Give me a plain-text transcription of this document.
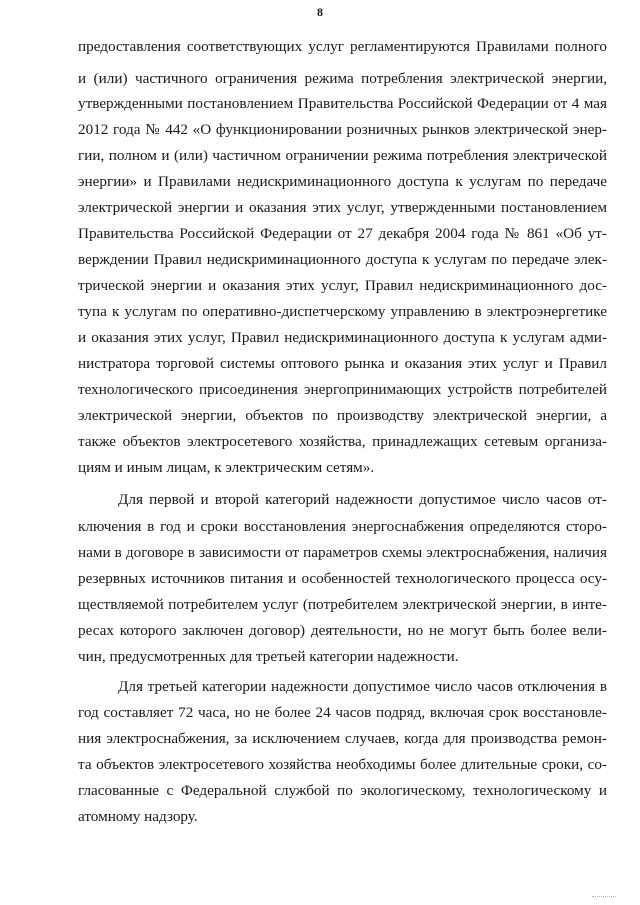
8
предоставления соответствующих услуг регламентируются Правилами полного
и (или) частичного ограничения режима потребления электрической энергии,
утвержденными постановлением Правительства Российской Федерации от 4 мая
2012 года № 442 «О функционировании розничных рынков электрической энер-
гии, полном и (или) частичном ограничении режима потребления электрической
энергии» и Правилами недискриминационного доступа к услугам по передаче
электрической энергии и оказания этих услуг, утвержденными постановлением
Правительства Российской Федерации от 27 декабря 2004 года № 861 «Об ут-
верждении Правил недискриминационного доступа к услугам по передаче элек-
трической энергии и оказания этих услуг, Правил недискриминационного дос-
тупа к услугам по оперативно-диспетчерскому управлению в электроэнергетике
и оказания этих услуг, Правил недискриминационного доступа к услугам адми-
нистратора торговой системы оптового рынка и оказания этих услуг и Правил
технологического присоединения энергопринимающих устройств потребителей
электрической энергии, объектов по производству электрической энергии, а
также объектов электросетевого хозяйства, принадлежащих сетевым организа-
циям и иным лицам, к электрическим сетям».
Для первой и второй категорий надежности допустимое число часов от-
ключения в год и сроки восстановления энергоснабжения определяются сторо-
нами в договоре в зависимости от параметров схемы электроснабжения, наличия
резервных источников питания и особенностей технологического процесса осу-
ществляемой потребителем услуг (потребителем электрической энергии, в инте-
ресах которого заключен договор) деятельности, но не могут быть более вели-
чин, предусмотренных для третьей категории надежности.
Для третьей категории надежности допустимое число часов отключения в
год составляет 72 часа, но не более 24 часов подряд, включая срок восстановле-
ния электроснабжения, за исключением случаев, когда для производства ремон-
та объектов электросетевого хозяйства необходимы более длительные сроки, со-
гласованные с Федеральной службой по экологическому, технологическому и
атомному надзору.
